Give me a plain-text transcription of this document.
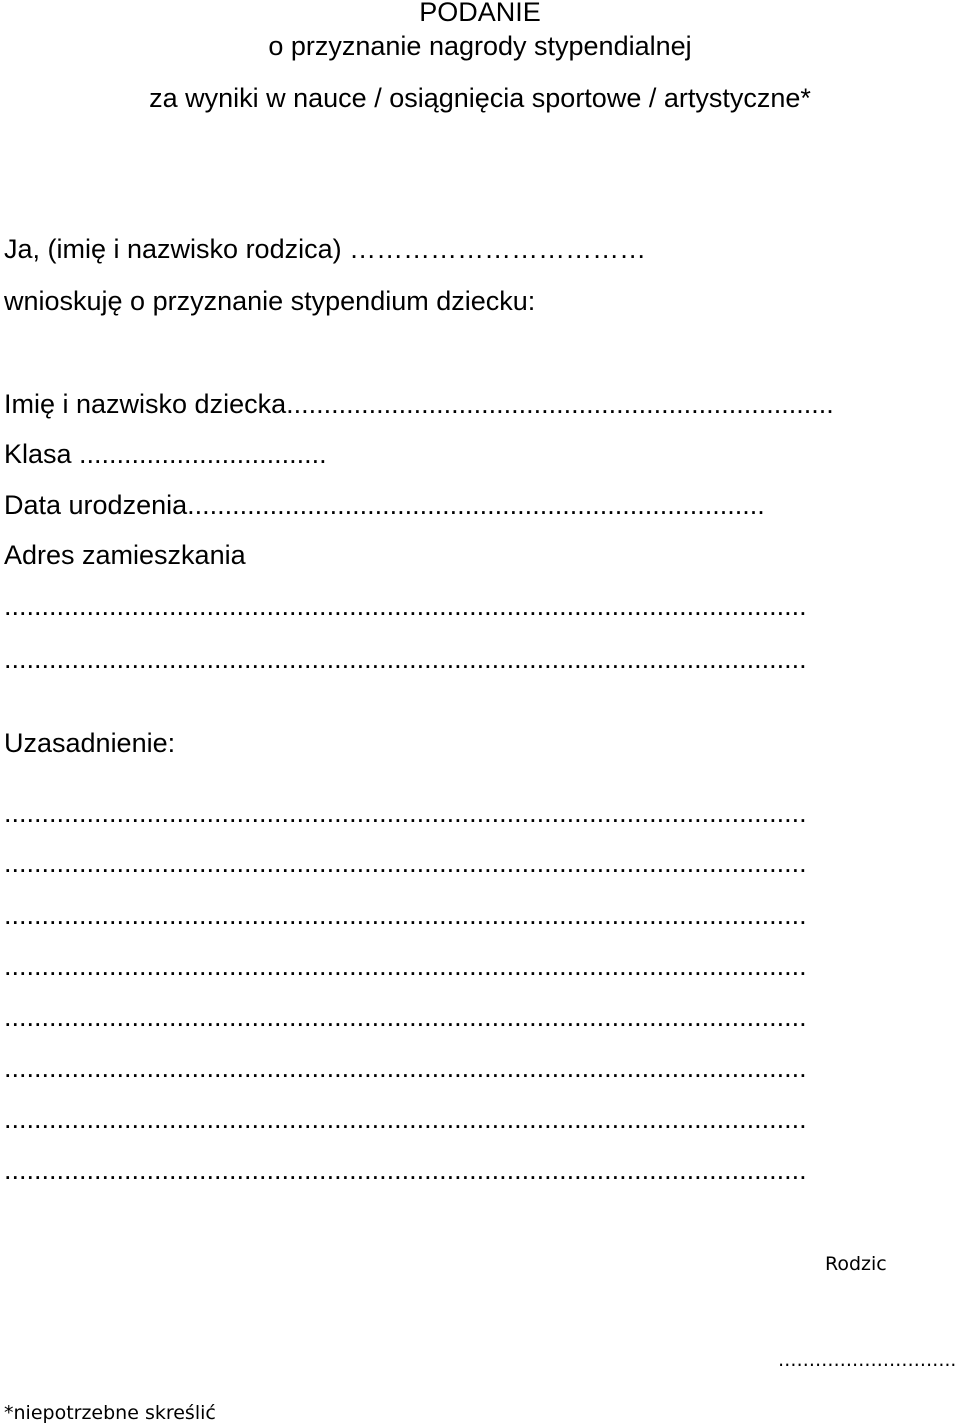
PODANIE
o przyznanie nagrody stypendialnej
za wyniki w nauce / osiągnięcia sportowe / artystyczne*
Ja, (imię i nazwisko rodzica) ……………………………
wnioskuję o przyznanie stypendium dziecku:
Imię i nazwisko dziecka.........................................................................
Klasa .................................
Data urodzenia.............................................................................
Adres zamieszkania
...........................................................................................................
...........................................................................................................
Uzasadnienie:
...........................................................................................................
...........................................................................................................
...........................................................................................................
...........................................................................................................
...........................................................................................................
...........................................................................................................
...........................................................................................................
...........................................................................................................
Rodzic
………………………..
*niepotrzebne skreślić
